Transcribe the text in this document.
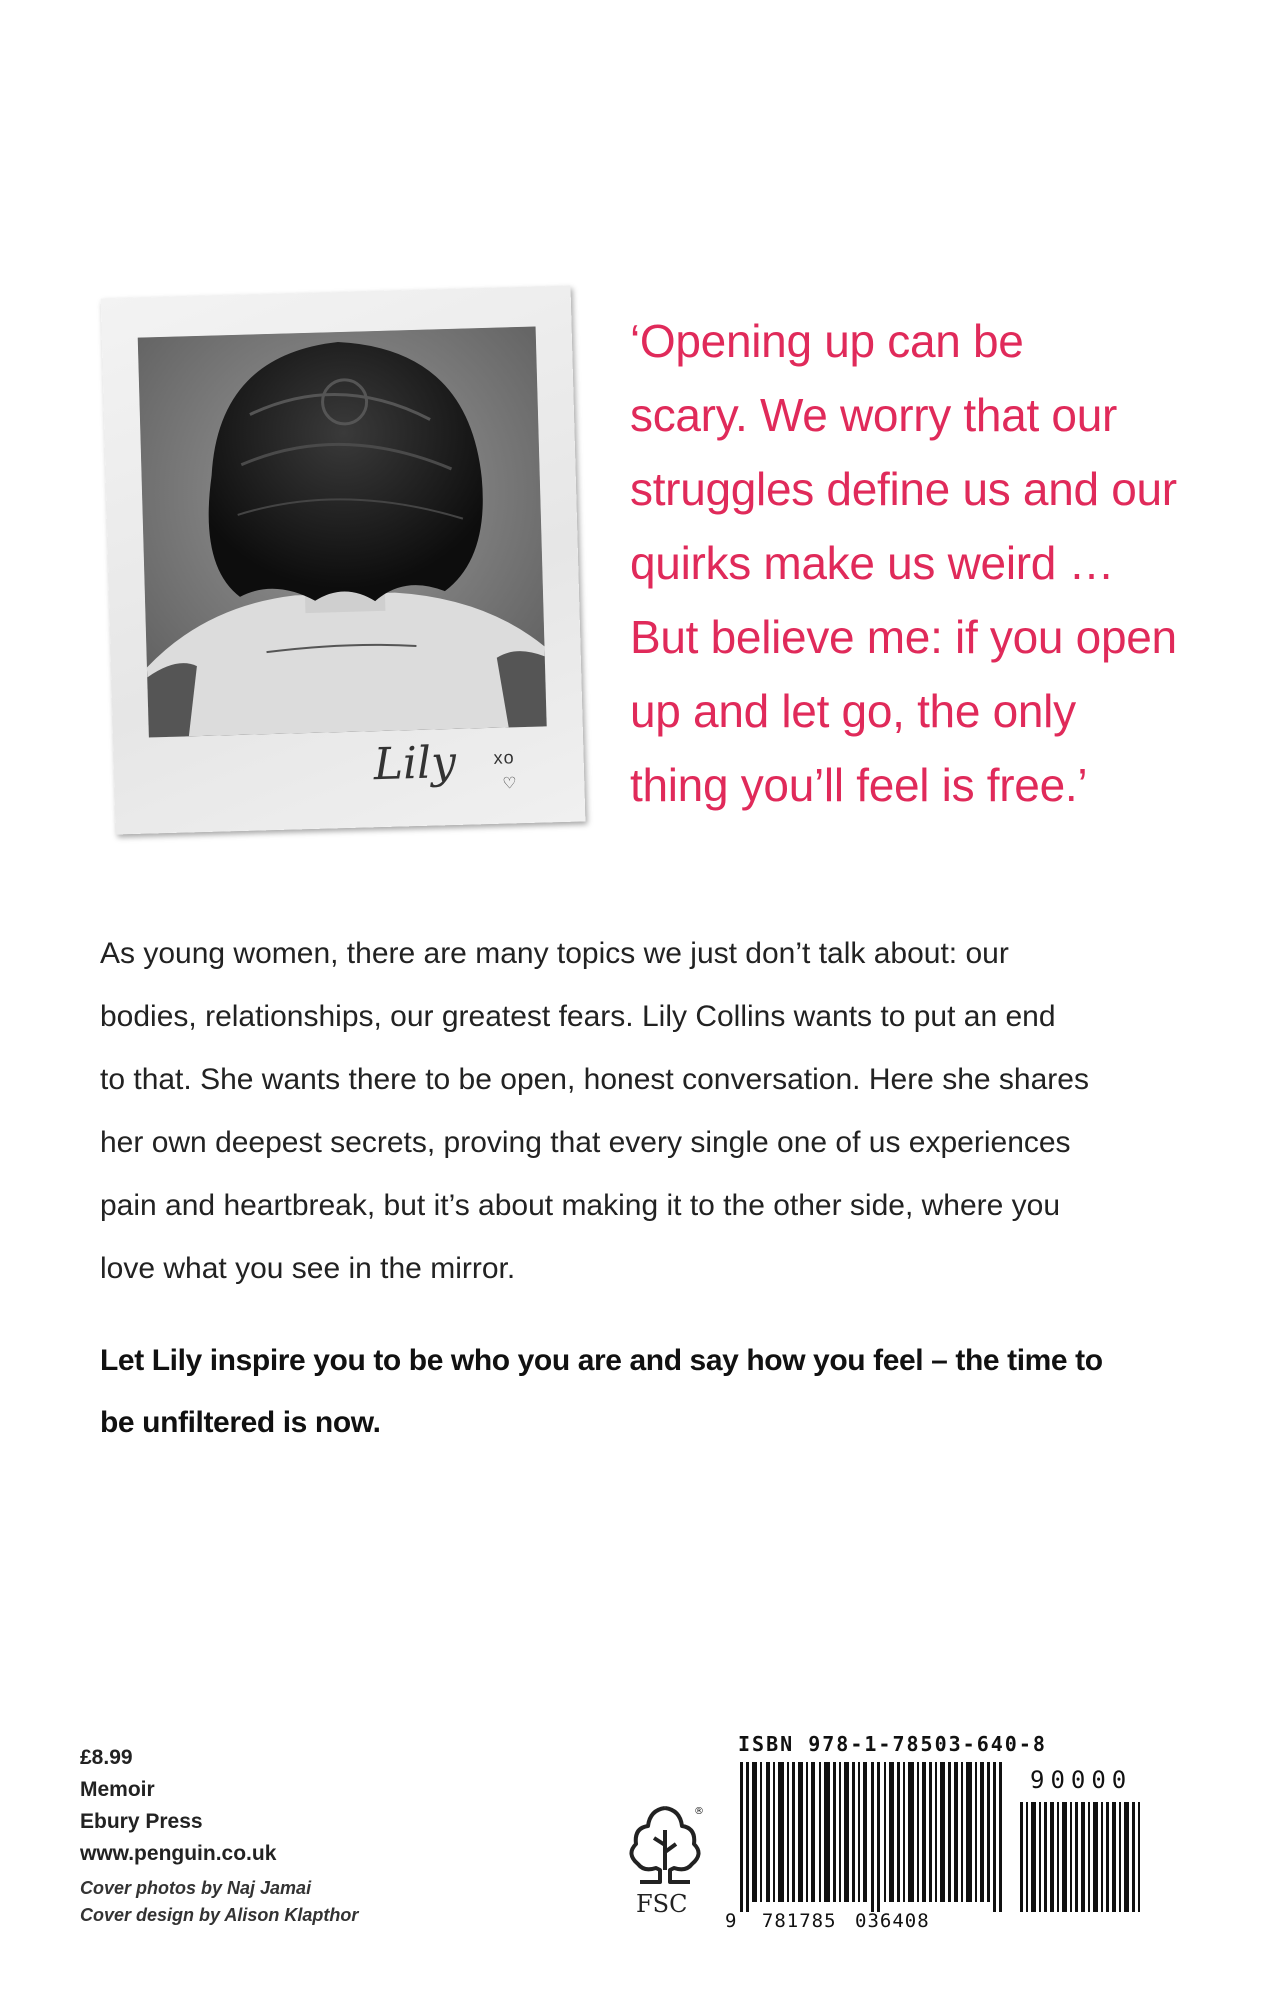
Lily xo
♡
‘Opening up can be
scary. We worry that our
struggles define us and our
quirks make us weird …
But believe me: if you open
up and let go, the only
thing you’ll feel is free.’
As young women, there are many topics we just don’t talk about: our
bodies, relationships, our greatest fears. Lily Collins wants to put an end
to that. She wants there to be open, honest conversation. Here she shares
her own deepest secrets, proving that every single one of us experiences
pain and heartbreak, but it’s about making it to the other side, where you
love what you see in the mirror.
Let Lily inspire you to be who you are and say how you feel – the time to
be unfiltered is now.
£8.99
Memoir
Ebury Press
www.penguin.co.uk
Cover photos by Naj Jamai
Cover design by Alison Klapthor
®
FSC
ISBN 978-1-78503-640-8
90000
9 781785 036408
